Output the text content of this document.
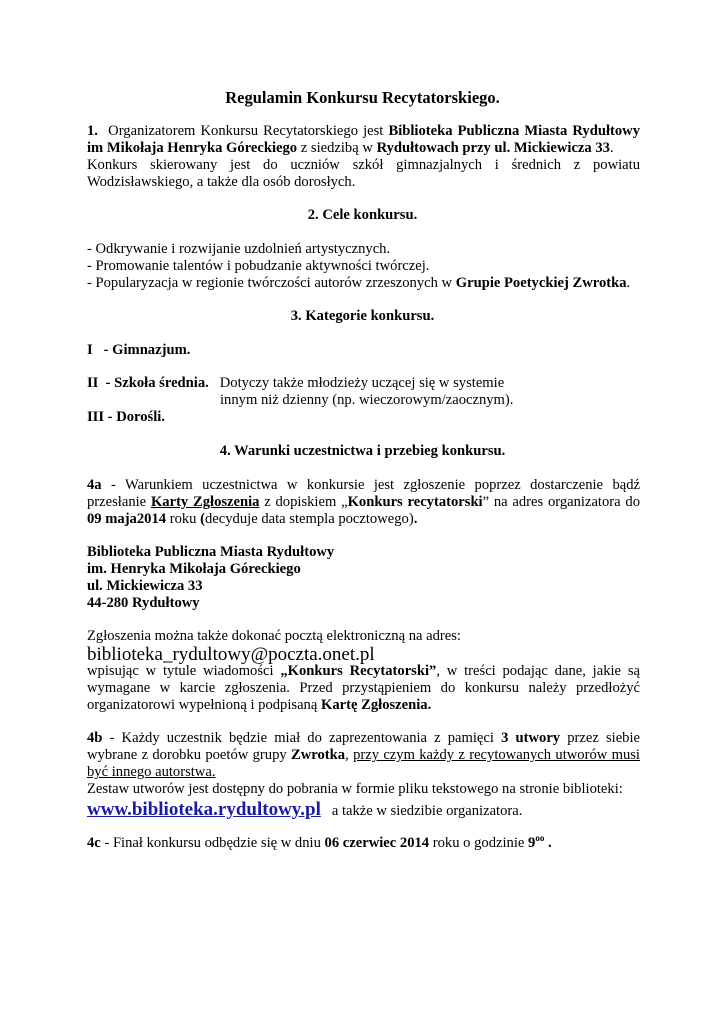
Regulamin Konkursu Recytatorskiego.
1. Organizatorem Konkursu Recytatorskiego jest Biblioteka Publiczna Miasta Rydułtowy
im Mikołaja Henryka Góreckiego z siedzibą w Rydułtowach przy ul. Mickiewicza 33.
Konkurs skierowany jest do uczniów szkół gimnazjalnych i średnich z powiatu
Wodzisławskiego, a także dla osób dorosłych.
2. Cele konkursu.
- Odkrywanie i rozwijanie uzdolnień artystycznych.
- Promowanie talentów i pobudzanie aktywności twórczej.
- Popularyzacja w regionie twórczości autorów zrzeszonych w Grupie Poetyckiej Zwrotka.
3. Kategorie konkursu.
I   - Gimnazjum.
II  - Szkoła średnia. Dotyczy także młodzieży uczącej się w systemie
innym niż dzienny (np. wieczorowym/zaocznym).
III - Dorośli.
4. Warunki uczestnictwa i przebieg konkursu.
4a - Warunkiem uczestnictwa w konkursie jest zgłoszenie poprzez dostarczenie bądź
przesłanie Karty Zgłoszenia z dopiskiem „Konkurs recytatorski” na adres organizatora do
09 maja2014 roku (decyduje data stempla pocztowego).
Biblioteka Publiczna Miasta Rydułtowy
im. Henryka Mikołaja Góreckiego
ul. Mickiewicza 33
44-280 Rydułtowy
Zgłoszenia można także dokonać pocztą elektroniczną na adres:
biblioteka_rydultowy@poczta.onet.pl
wpisując w tytule wiadomości „Konkurs Recytatorski”, w treści podając dane, jakie są
wymagane w karcie zgłoszenia. Przed przystąpieniem do konkursu należy przedłożyć
organizatorowi wypełnioną i podpisaną Kartę Zgłoszenia.
4b - Każdy uczestnik będzie miał do zaprezentowania z pamięci 3 utwory przez siebie
wybrane z dorobku poetów grupy Zwrotka, przy czym każdy z recytowanych utworów musi
być innego autorstwa.
Zestaw utworów jest dostępny do pobrania w formie pliku tekstowego na stronie biblioteki:
www.biblioteka.rydultowy.pl a także w siedzibie organizatora.
4c - Finał konkursu odbędzie się w dniu 06 czerwiec 2014 roku o godzinie $9^{oo}$ .
